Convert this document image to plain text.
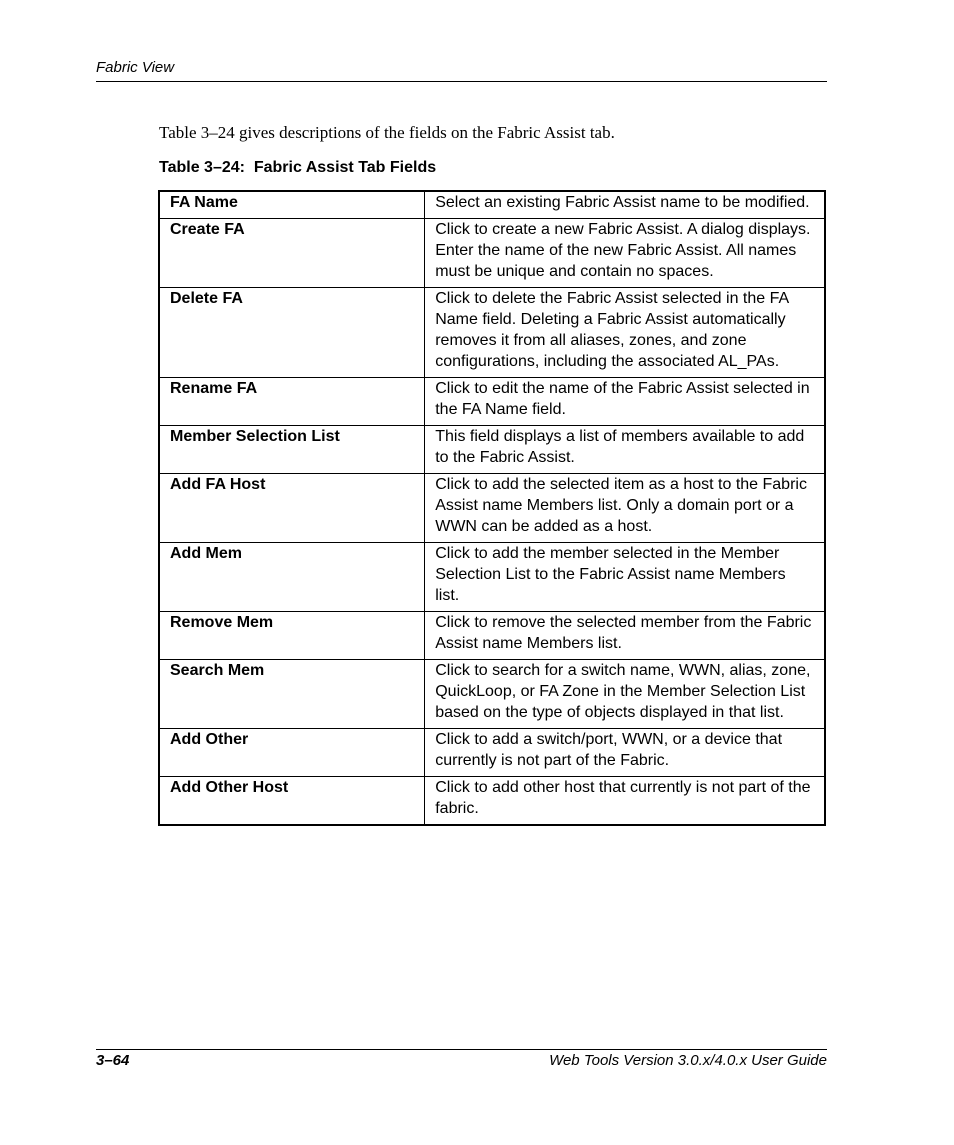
Fabric View

Table 3–24 gives descriptions of the fields on the Fabric Assist tab.

Table 3–24:  Fabric Assist Tab Fields
FA Name	Select an existing Fabric Assist name to be modified.
Create FA	Click to create a new Fabric Assist. A dialog displays. Enter the name of the new Fabric Assist. All names must be unique and contain no spaces.
Delete FA	Click to delete the Fabric Assist selected in the FA Name field. Deleting a Fabric Assist automatically removes it from all aliases, zones, and zone configurations, including the associated AL_PAs.
Rename FA	Click to edit the name of the Fabric Assist selected in the FA Name field.
Member Selection List	This field displays a list of members available to add to the Fabric Assist.
Add FA Host	Click to add the selected item as a host to the Fabric Assist name Members list. Only a domain port or a WWN can be added as a host.
Add Mem	Click to add the member selected in the Member Selection List to the Fabric Assist name Members list.
Remove Mem	Click to remove the selected member from the Fabric Assist name Members list.
Search Mem	Click to search for a switch name, WWN, alias, zone, QuickLoop, or FA Zone in the Member Selection List based on the type of objects displayed in that list.
Add Other	Click to add a switch/port, WWN, or a device that currently is not part of the Fabric.
Add Other Host	Click to add other host that currently is not part of the fabric.
3–64	Web Tools Version 3.0.x/4.0.x User Guide
